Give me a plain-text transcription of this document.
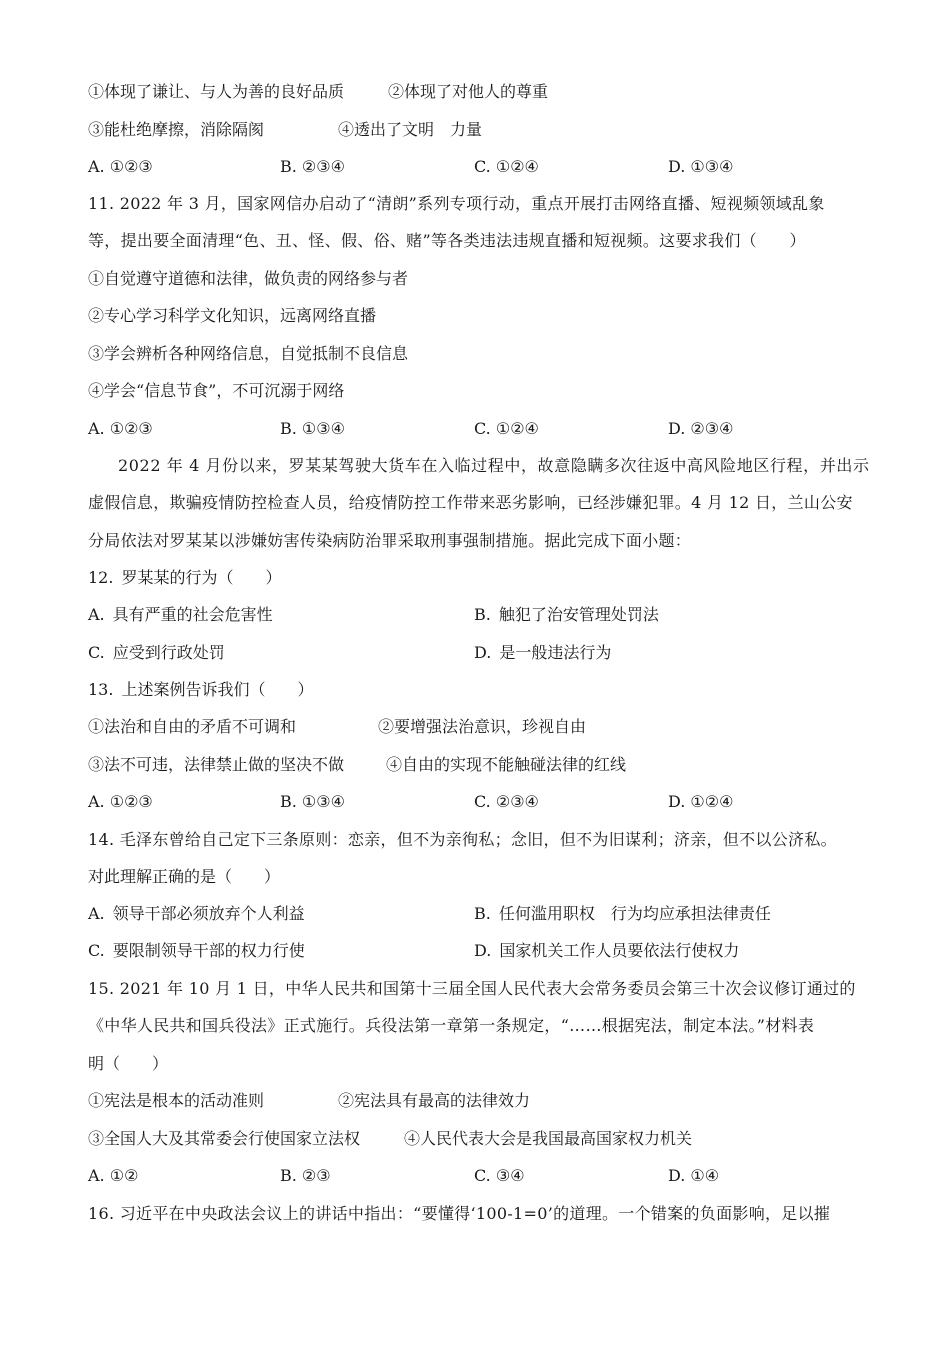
①体现了谦让、与人为善的良好品质	②体现了对他人的尊重
③能杜绝摩擦，消除隔阂	④透出了文明　力量
A. ①②③	B. ②③④	C. ①②④	D. ①③④
11. 2022 年 3 月，国家网信办启动了“清朗”系列专项行动，重点开展打击网络直播、短视频领域乱象
等，提出要全面清理“色、丑、怪、假、俗、赌”等各类违法违规直播和短视频。这要求我们（　　）
①自觉遵守道德和法律，做负责的网络参与者
②专心学习科学文化知识，远离网络直播
③学会辨析各种网络信息，自觉抵制不良信息
④学会“信息节食”，不可沉溺于网络
A. ①②③	B. ①③④	C. ①②④	D. ②③④
2022 年 4 月份以来，罗某某驾驶大货车在入临过程中，故意隐瞒多次往返中高风险地区行程，并出示
虚假信息，欺骗疫情防控检查人员，给疫情防控工作带来恶劣影响，已经涉嫌犯罪。4 月 12 日，兰山公安
分局依法对罗某某以涉嫌妨害传染病防治罪采取刑事强制措施。据此完成下面小题：
12. 罗某某的行为（　　）
A. 具有严重的社会危害性	B. 触犯了治安管理处罚法
C. 应受到行政处罚	D. 是一般违法行为
13. 上述案例告诉我们（　　）
①法治和自由的矛盾不可调和	②要增强法治意识，珍视自由
③法不可违，法律禁止做的坚决不做	④自由的实现不能触碰法律的红线
A. ①②③	B. ①③④	C. ②③④	D. ①②④
14. 毛泽东曾给自己定下三条原则：恋亲，但不为亲徇私；念旧，但不为旧谋利；济亲，但不以公济私。
对此理解正确的是（　　）
A. 领导干部必须放弃个人利益	B. 任何滥用职权　行为均应承担法律责任
C. 要限制领导干部的权力行使	D. 国家机关工作人员要依法行使权力
15. 2021 年 10 月 1 日，中华人民共和国第十三届全国人民代表大会常务委员会第三十次会议修订通过的
《中华人民共和国兵役法》正式施行。兵役法第一章第一条规定，“……根据宪法，制定本法。”材料表
明（　　）
①宪法是根本的活动准则	②宪法具有最高的法律效力
③全国人大及其常委会行使国家立法权	④人民代表大会是我国最高国家权力机关
A. ①②	B. ②③	C. ③④	D. ①④
16. 习近平在中央政法会议上的讲话中指出：“要懂得‘100-1=0’的道理。一个错案的负面影响，足以摧
